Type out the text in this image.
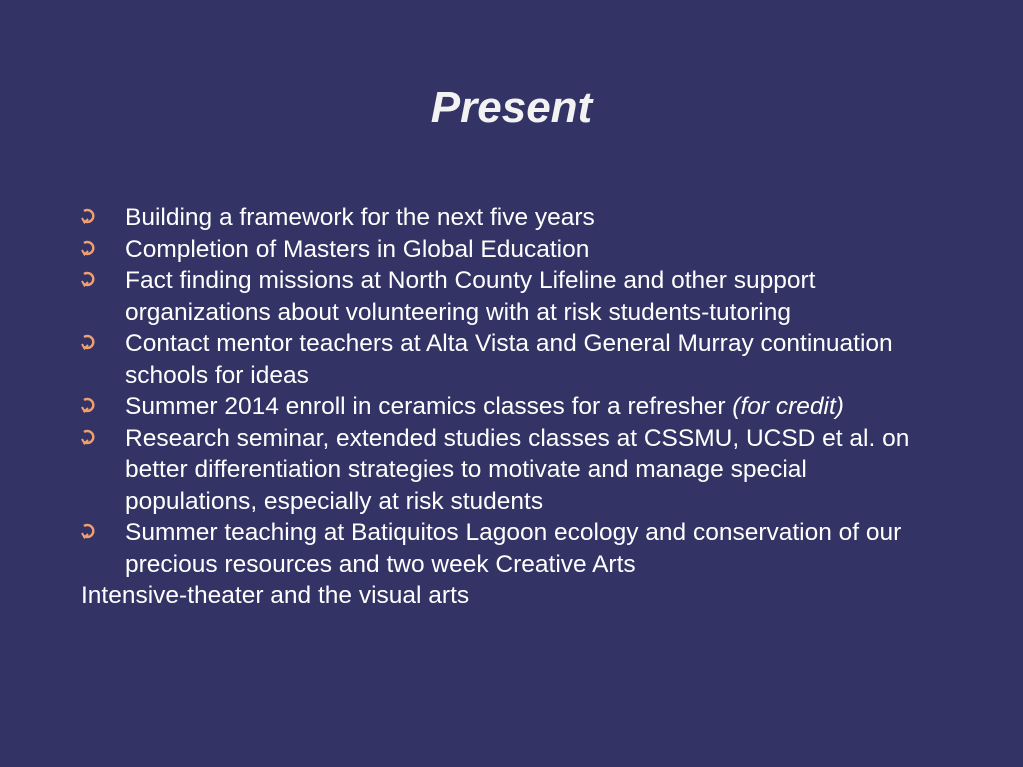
Present
Building a framework for the next five years
Completion of Masters in Global Education
Fact finding missions at North County Lifeline and other support organizations about volunteering with at risk students-tutoring
Contact mentor teachers at Alta Vista and General Murray continuation schools for ideas
Summer 2014 enroll in ceramics classes for a refresher (for credit)
Research seminar, extended studies classes at CSSMU, UCSD et al. on better differentiation strategies to motivate and manage special populations, especially at risk students
Summer teaching at Batiquitos Lagoon ecology and conservation of our precious resources and two week Creative Arts

Intensive-theater and the visual arts
